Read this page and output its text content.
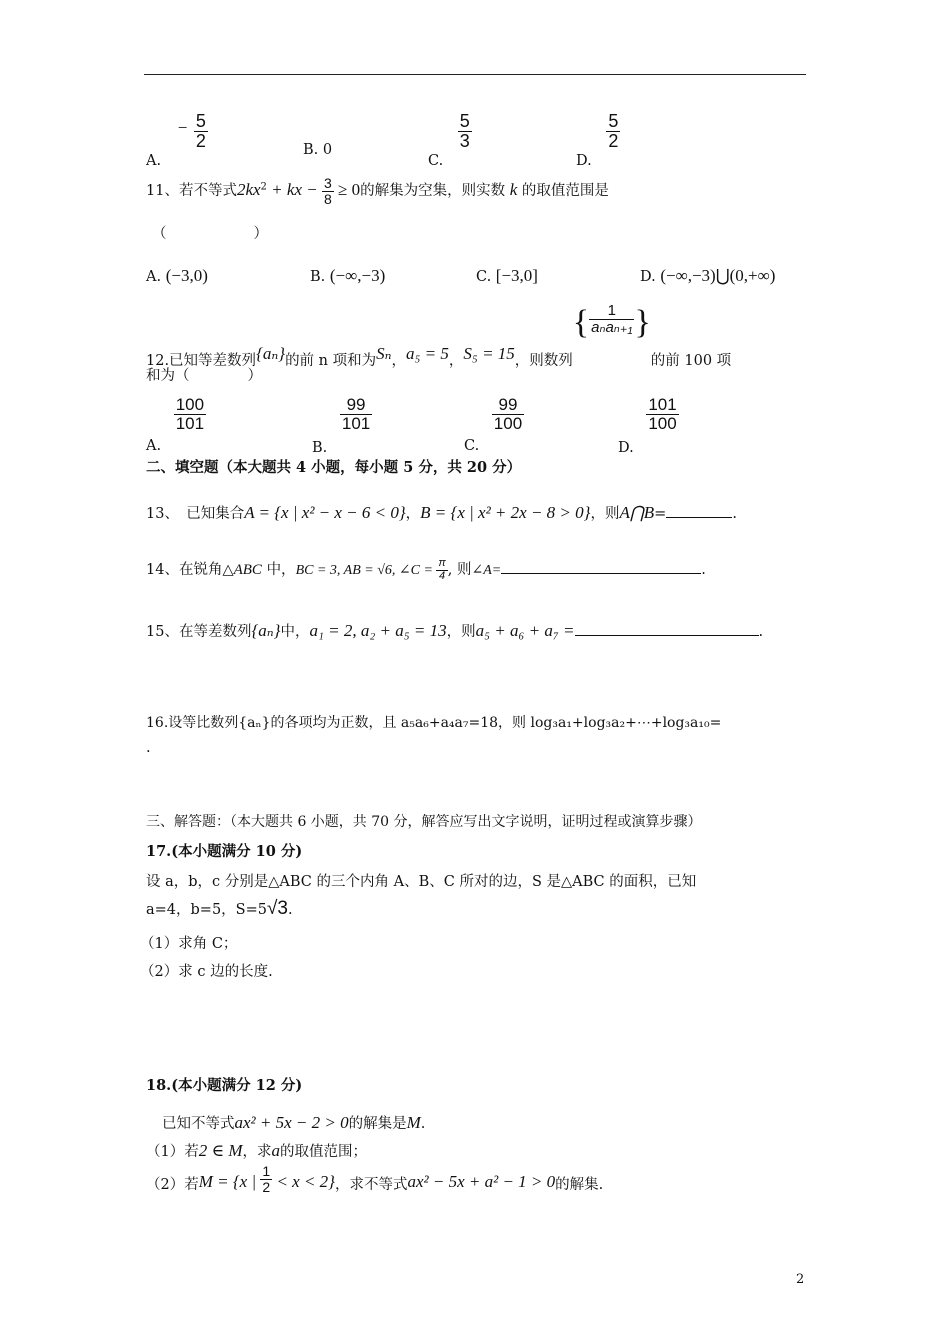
A. − $\frac{5}{2}$	B. 0
C.
$\frac{5}{3}$
D.
$\frac{5}{2}$
11、若不等式$2kx^2$ + kx − $\frac{3}{8} \ge 0$的解集为空集，则实数 k 的取值范围是
（　　　　　　）
A. (−3,0)	B. (−∞,−3)	C. [−3,0]	D. (−∞,−3)⋃(0,+∞)
12.已知等差数列{aₙ}的前 n 项和为Sₙ，a₅ = 5，S₅ = 15，则数列{ $\frac{1}{\text{aₙaₙ₊₁}}$ }的前 100 项
和为（　　　　）
A.
$\frac{100}{101}$
B.
$\frac{99}{101}$
C.
$\frac{99}{100}$
D.
$\frac{101}{100}$
二、填空题（本大题共 4 小题，每小题 5 分，共 20 分）
13、　已知集合A = {x | x² − x − 6 < 0}，B = {x | x² + 2x − 8 > 0}，则A⋂B=	.
14、在锐角△ABC 中，BC = 3, AB = √6, ∠C = $\frac{\pi}{4}$ , 则∠A=	.
15、在等差数列{aₙ}中，a₁ = 2, a₂ + a₅ = 13，则a₅ + a₆ + a₇ =	.
16.设等比数列{aₙ}的各项均为正数，且 a₅a₆+a₄a₇=18，则 log₃a₁+log₃a₂+⋯+log₃a₁₀=
.
三、解答题：（本大题共 6 小题，共 70 分，解答应写出文字说明，证明过程或演算步骤）
17.(本小题满分 10 分)
设 a，b，c 分别是△ABC 的三个内角 A、B、C 所对的边，S 是△ABC 的面积，已知
a=4，b=5，S=5√3.
（1）求角 C；
（2）求 c 边的长度.
18.(本小题满分 12 分)
已知不等式ax² + 5x − 2 > 0的解集是M.
（1）若2 ∈ M，求a的取值范围；
（2）若M = {x | $\frac{1}{2} < x < 2$}，求不等式ax² − 5x + a² − 1 > 0的解集.
2
